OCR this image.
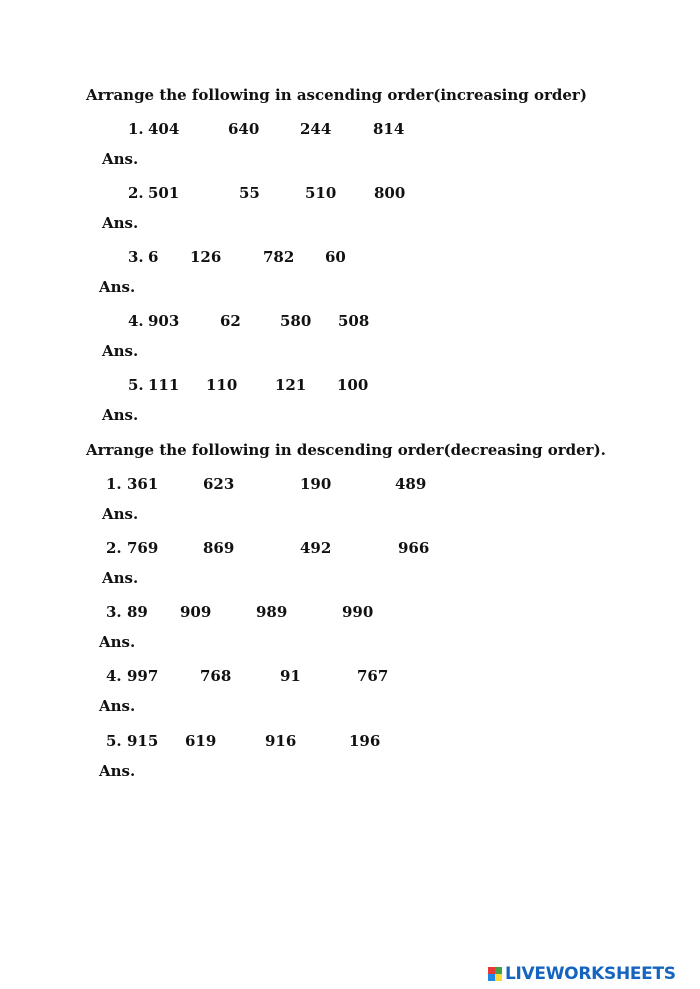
Arrange the following in ascending order(increasing order)
1. 404	640	244	814
Ans.
2. 501	55	510	800
Ans.
3. 6 126	782 60
Ans.
4. 903	62	580 508
Ans.
5. 111 110	121 100
Ans.
Arrange the following in descending order(decreasing order).
1. 361	623	190	489
Ans.
2. 769	869	492	966
Ans.
3. 89 909	989	990
Ans.
4. 997	768	91	767
Ans.
5. 915 619	916	196
Ans.
LIVEWORKSHEETS
